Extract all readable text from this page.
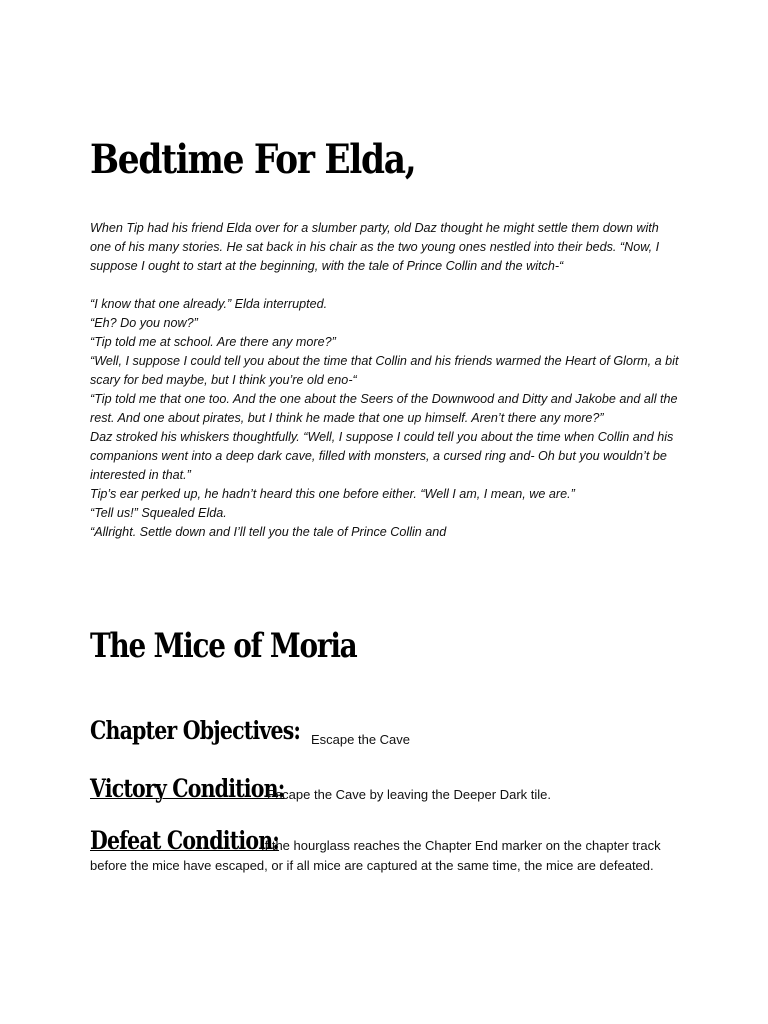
Bedtime For Elda,

When Tip had his friend Elda over for a slumber party, old Daz thought he might settle them down with one of his many stories. He sat back in his chair as the two young ones nestled into their beds. “Now, I suppose I ought to start at the beginning, with the tale of Prince Collin and the witch-“

“I know that one already.” Elda interrupted.

“Eh? Do you now?”

“Tip told me at school. Are there any more?”

“Well, I suppose I could tell you about the time that Collin and his friends warmed the Heart of Glorm, a bit scary for bed maybe, but I think you’re old eno-“

“Tip told me that one too. And the one about the Seers of the Downwood and Ditty and Jakobe and all the rest. And one about pirates, but I think he made that one up himself. Aren’t there any more?”

Daz stroked his whiskers thoughtfully. “Well, I suppose I could tell you about the time when Collin and his companions went into a deep dark cave, filled with monsters, a cursed ring and- Oh but you wouldn’t be interested in that.”

Tip’s ear perked up, he hadn’t heard this one before either. “Well I am, I mean, we are.”

“Tell us!” Squealed Elda.

“Allright. Settle down and I’ll tell you the tale of Prince Collin and

The Mice of Moria
Chapter Objectives: Escape the Cave
Victory Condition:
Escape the Cave by leaving the Deeper Dark tile.
Defeat Condition:
If the hourglass reaches the Chapter End marker on the chapter track before the mice have escaped, or if all mice are captured at the same time, the mice are defeated.
